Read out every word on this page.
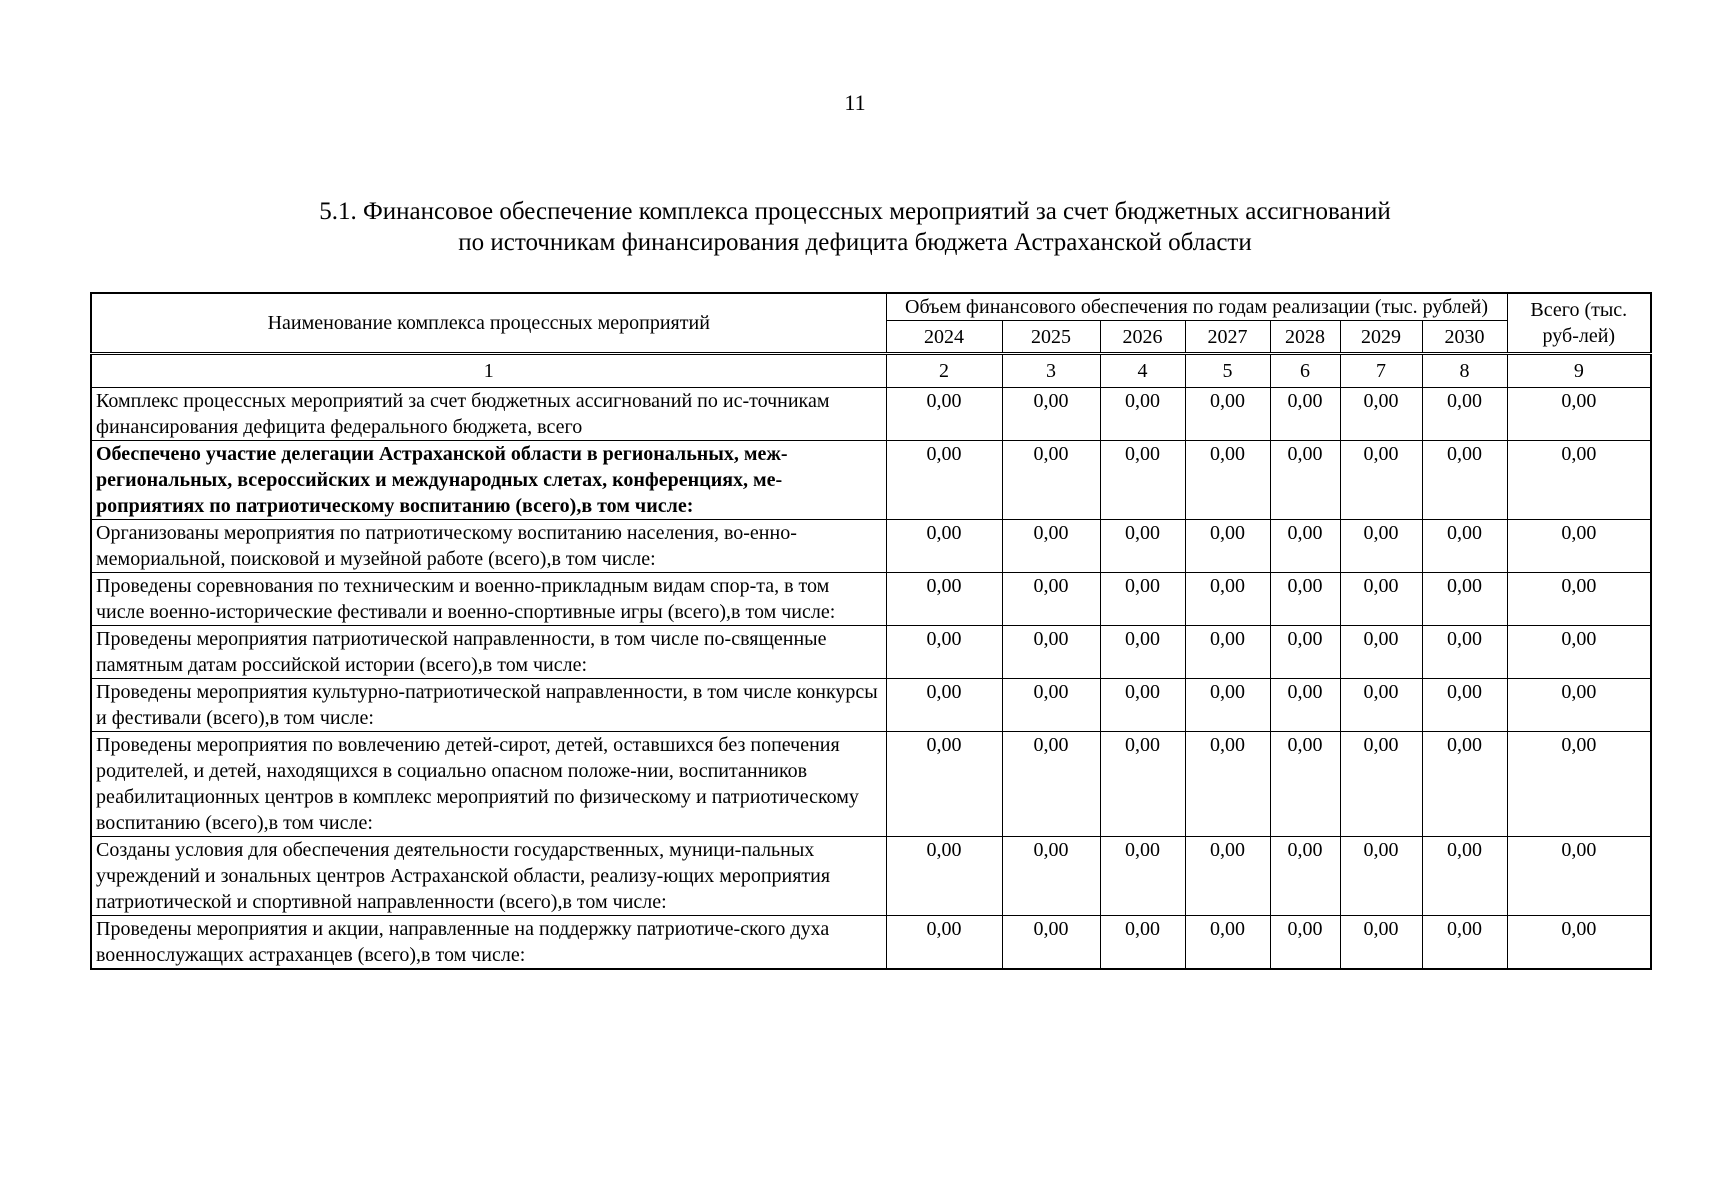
11
5.1. Финансовое обеспечение комплекса процессных мероприятий за счет бюджетных ассигнований
по источникам финансирования дефицита бюджета Астраханской области
Наименование комплекса процессных мероприятий	Объем финансового обеспечения по годам реализации (тыс. рублей)							Всего (тыс. руб-лей)
	2024	2025	2026	2027	2028	2029	2030	
1	2	3	4	5	6	7	8	9
Комплекс процессных мероприятий за счет бюджетных ассигнований по ис-точникам финансирования дефицита федерального бюджета, всего	0,00	0,00	0,00	0,00	0,00	0,00	0,00	0,00
Обеспечено участие делегации Астраханской области в региональных, меж-региональных, всероссийских и международных слетах, конференциях, ме-роприятиях по патриотическому воспитанию (всего),в том числе:	0,00	0,00	0,00	0,00	0,00	0,00	0,00	0,00
Организованы мероприятия по патриотическому воспитанию населения, во-енно-мемориальной, поисковой и музейной работе (всего),в том числе:	0,00	0,00	0,00	0,00	0,00	0,00	0,00	0,00
Проведены соревнования по техническим и военно-прикладным видам спор-та, в том числе военно-исторические фестивали и военно-спортивные игры (всего),в том числе:	0,00	0,00	0,00	0,00	0,00	0,00	0,00	0,00
Проведены мероприятия патриотической направленности, в том числе по-священные памятным датам российской истории (всего),в том числе:	0,00	0,00	0,00	0,00	0,00	0,00	0,00	0,00
Проведены мероприятия культурно-патриотической направленности, в том числе конкурсы и фестивали (всего),в том числе:	0,00	0,00	0,00	0,00	0,00	0,00	0,00	0,00
Проведены мероприятия по вовлечению детей-сирот, детей, оставшихся без попечения родителей, и детей, находящихся в социально опасном положе-нии, воспитанников реабилитационных центров в комплекс мероприятий по физическому и патриотическому воспитанию (всего),в том числе:	0,00	0,00	0,00	0,00	0,00	0,00	0,00	0,00
Созданы условия для обеспечения деятельности государственных, муници-пальных учреждений и зональных центров Астраханской области, реализу-ющих мероприятия патриотической и спортивной направленности (всего),в том числе:	0,00	0,00	0,00	0,00	0,00	0,00	0,00	0,00
Проведены мероприятия и акции, направленные на поддержку патриотиче-ского духа военнослужащих астраханцев (всего),в том числе:	0,00	0,00	0,00	0,00	0,00	0,00	0,00	0,00
